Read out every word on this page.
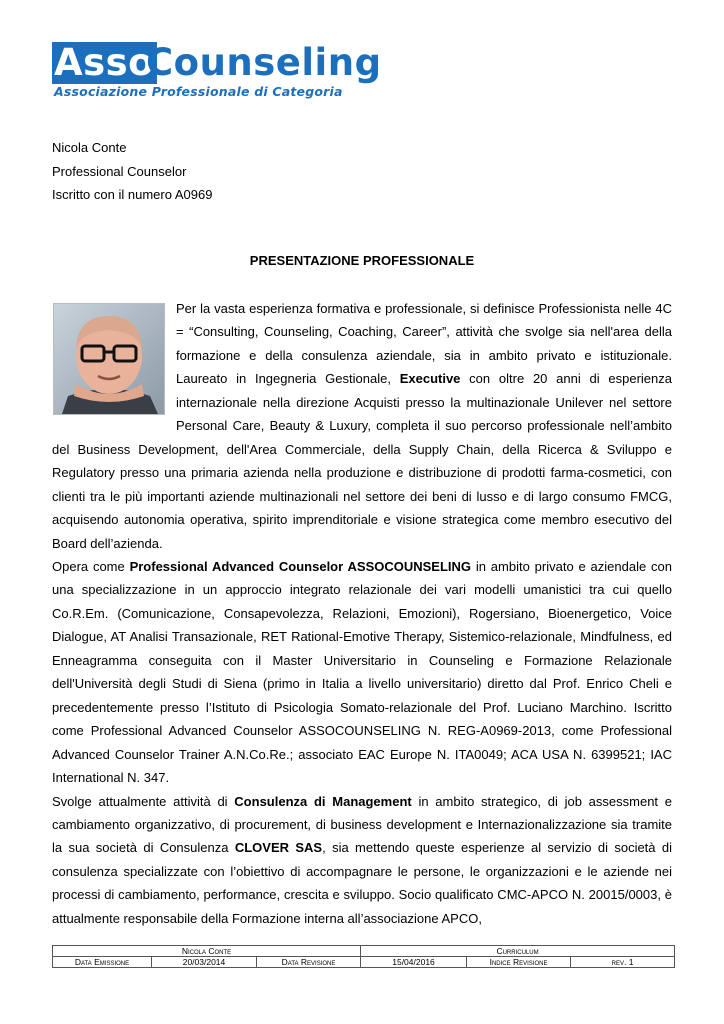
Asso
Counseling
Associazione Professionale di Categoria
Nicola Conte
Professional Counselor
Iscritto con il numero A0969
PRESENTAZIONE PROFESSIONALE

Per la vasta esperienza formativa e professionale, si definisce Professionista nelle 4C = “Consulting, Counseling, Coaching, Career”, attività che svolge sia nell'area della formazione e della consulenza aziendale, sia in ambito privato e istituzionale. Laureato in Ingegneria Gestionale, Executive con oltre 20 anni di esperienza internazionale nella direzione Acquisti presso la multinazionale Unilever nel settore Personal Care, Beauty & Luxury, completa il suo percorso professionale nell’ambito del Business Development, dell'Area Commerciale, della Supply Chain, della Ricerca & Sviluppo e Regulatory presso una primaria azienda nella produzione e distribuzione di prodotti farma-cosmetici, con clienti tra le più importanti aziende multinazionali nel settore dei beni di lusso e di largo consumo FMCG, acquisendo autonomia operativa, spirito imprenditoriale e visione strategica come membro esecutivo del Board dell’azienda.

Opera come Professional Advanced Counselor ASSOCOUNSELING in ambito privato e aziendale con una specializzazione in un approccio integrato relazionale dei vari modelli umanistici tra cui quello Co.R.Em. (Comunicazione, Consapevolezza, Relazioni, Emozioni), Rogersiano, Bioenergetico, Voice Dialogue, AT Analisi Transazionale, RET Rational-Emotive Therapy, Sistemico-relazionale, Mindfulness, ed Enneagramma conseguita con il Master Universitario in Counseling e Formazione Relazionale dell'Università degli Studi di Siena (primo in Italia a livello universitario) diretto dal Prof. Enrico Cheli e precedentemente presso l’Istituto di Psicologia Somato-relazionale del Prof. Luciano Marchino. Iscritto come Professional Advanced Counselor ASSOCOUNSELING N. REG-A0969-2013, come Professional Advanced Counselor Trainer A.N.Co.Re.; associato EAC Europe N. ITA0049; ACA USA N. 6399521; IAC International N. 347.

Svolge attualmente attività di Consulenza di Management in ambito strategico, di job assessment e cambiamento organizzativo, di procurement, di business development e Internazionalizzazione sia tramite la sua società di Consulenza CLOVER SAS, sia mettendo queste esperienze al servizio di società di consulenza specializzate con l’obiettivo di accompagnare le persone, le organizzazioni e le aziende nei processi di cambiamento, performance, crescita e sviluppo. Socio qualificato CMC-APCO N. 20015/0003, è attualmente responsabile della Formazione interna all’associazione APCO,

Nicola Conte			Curriculum		
Data Emissione	20/03/2014	Data Revisione	15/04/2016	Indice Revisione	rev. 1
